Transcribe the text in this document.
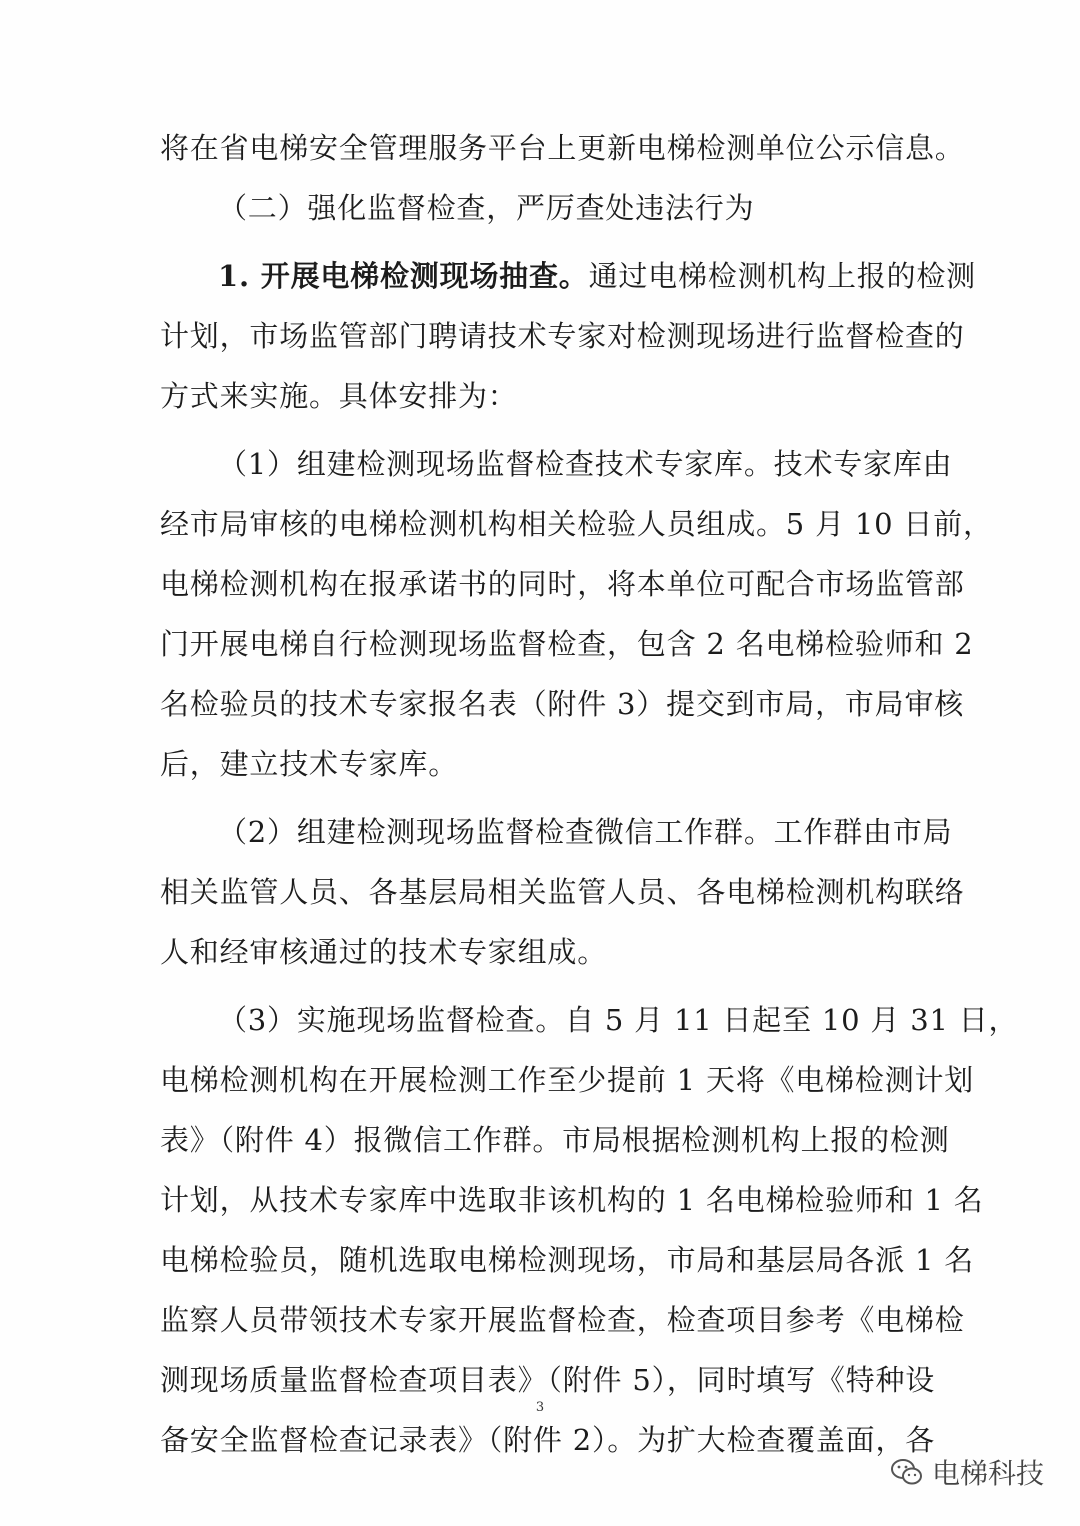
将在省电梯安全管理服务平台上更新电梯检测单位公示信息。
（二）强化监督检查，严厉查处违法行为
1. 开展电梯检测现场抽查。通过电梯检测机构上报的检测
计划，市场监管部门聘请技术专家对检测现场进行监督检查的
方式来实施。具体安排为：
（1）组建检测现场监督检查技术专家库。技术专家库由
经市局审核的电梯检测机构相关检验人员组成。5 月 10 日前，
电梯检测机构在报承诺书的同时，将本单位可配合市场监管部
门开展电梯自行检测现场监督检查，包含 2 名电梯检验师和 2
名检验员的技术专家报名表（附件 3）提交到市局，市局审核
后，建立技术专家库。
（2）组建检测现场监督检查微信工作群。工作群由市局
相关监管人员、各基层局相关监管人员、各电梯检测机构联络
人和经审核通过的技术专家组成。
（3）实施现场监督检查。自 5 月 11 日起至 10 月 31 日，
电梯检测机构在开展检测工作至少提前 1 天将《电梯检测计划
表》（附件 4）报微信工作群。市局根据检测机构上报的检测
计划，从技术专家库中选取非该机构的 1 名电梯检验师和 1 名
电梯检验员，随机选取电梯检测现场，市局和基层局各派 1 名
监察人员带领技术专家开展监督检查，检查项目参考《电梯检
测现场质量监督检查项目表》（附件 5），同时填写《特种设
备安全监督检查记录表》（附件 2）。为扩大检查覆盖面，各
3
电梯科技
